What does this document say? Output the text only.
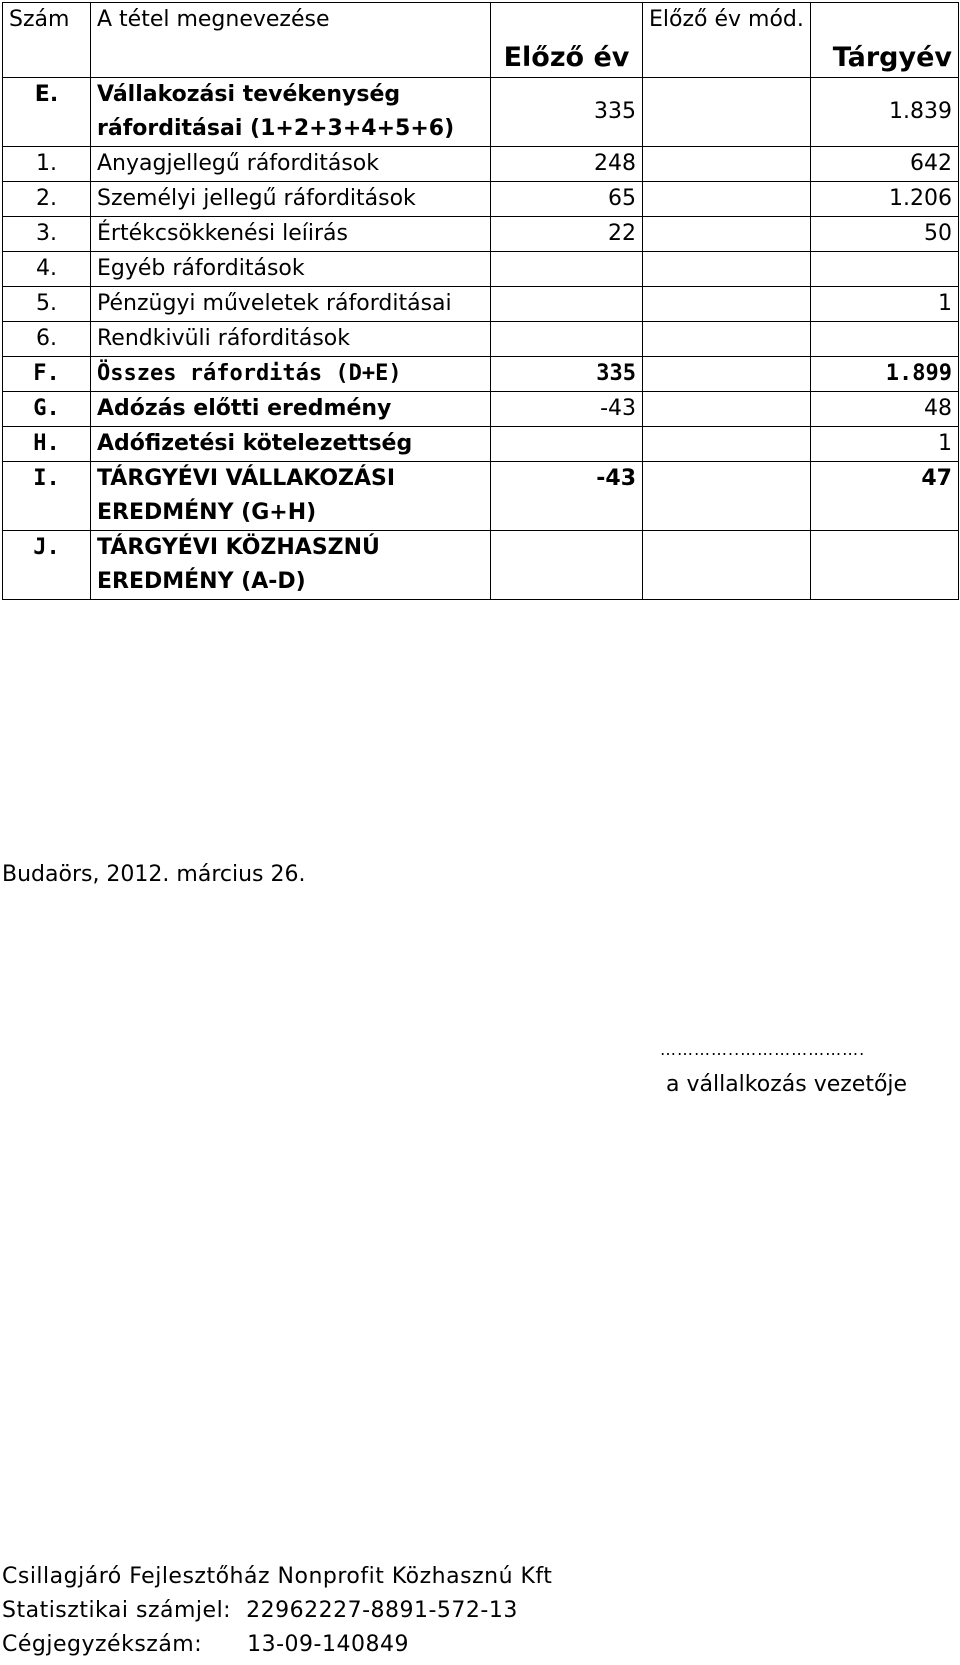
Szám	A tétel megnevezése	Előző év	Előző év mód.	Tárgyév
E.	Vállakozási tevékenység ráforditásai (1+2+3+4+5+6)	335		1.839
1.	Anyagjellegű ráforditások	248		642
2.	Személyi jellegű ráforditások	65		1.206
3.	Értékcsökkenési leíirás	22		50
4.	Egyéb ráforditások			
5.	Pénzügyi műveletek ráforditásai			1
6.	Rendkivüli ráforditások			
F.	Összes ráforditás (D+E)	335		1.899
G.	Adózás előtti eredmény	-43		48
H.	Adófizetési kötelezettség			1
I.	TÁRGYÉVI VÁLLAKOZÁSI EREDMÉNY (G+H)	-43		47
J.	TÁRGYÉVI KÖZHASZNÚ EREDMÉNY (A-D)			
Budaörs, 2012. március 26.
…………..………………….
a vállalkozás vezetője
Csillagjáró Fejlesztőház Nonprofit Közhasznú Kft
Statisztikai számjel: 22962227-8891-572-13
Cégjegyzékszám: 13-09-140849
